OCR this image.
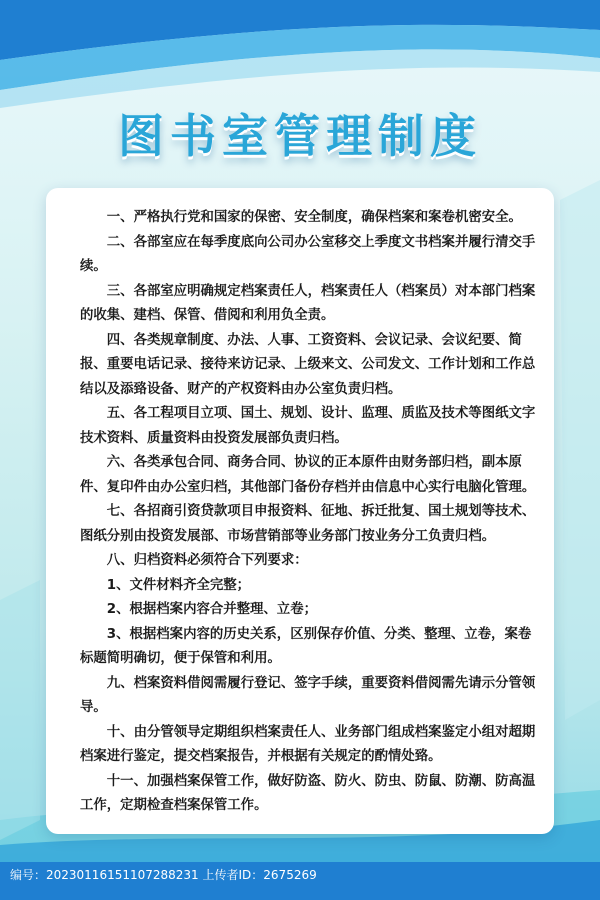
图书室管理制度

一、严格执行党和国家的保密、安全制度，确保档案和案卷机密安全。

二、各部室应在每季度底向公司办公室移交上季度文书档案并履行清交手续。

三、各部室应明确规定档案责任人，档案责任人（档案员）对本部门档案的收集、建档、保管、借阅和利用负全责。

四、各类规章制度、办法、人事、工资资料、会议记录、会议纪要、简报、重要电话记录、接待来访记录、上级来文、公司发文、工作计划和工作总结以及添臵设备、财产的产权资料由办公室负责归档。

五、各工程项目立项、国土、规划、设计、监理、质监及技术等图纸文字技术资料、质量资料由投资发展部负责归档。

六、各类承包合同、商务合同、协议的正本原件由财务部归档，副本原件、复印件由办公室归档，其他部门备份存档并由信息中心实行电脑化管理。

七、各招商引资贷款项目申报资料、征地、拆迁批复、国土规划等技术、图纸分别由投资发展部、市场营销部等业务部门按业务分工负责归档。

八、归档资料必须符合下列要求：

1、文件材料齐全完整；

2、根据档案内容合并整理、立卷；

3、根据档案内容的历史关系，区别保存价值、分类、整理、立卷，案卷标题简明确切，便于保管和利用。

九、档案资料借阅需履行登记、签字手续，重要资料借阅需先请示分管领导。

十、由分管领导定期组织档案责任人、业务部门组成档案鉴定小组对超期档案进行鉴定，提交档案报告，并根据有关规定的酌情处臵。

十一、加强档案保管工作，做好防盗、防火、防虫、防鼠、防潮、防高温工作，定期检查档案保管工作。

编号：20230116151107288231 上传者ID：2675269
